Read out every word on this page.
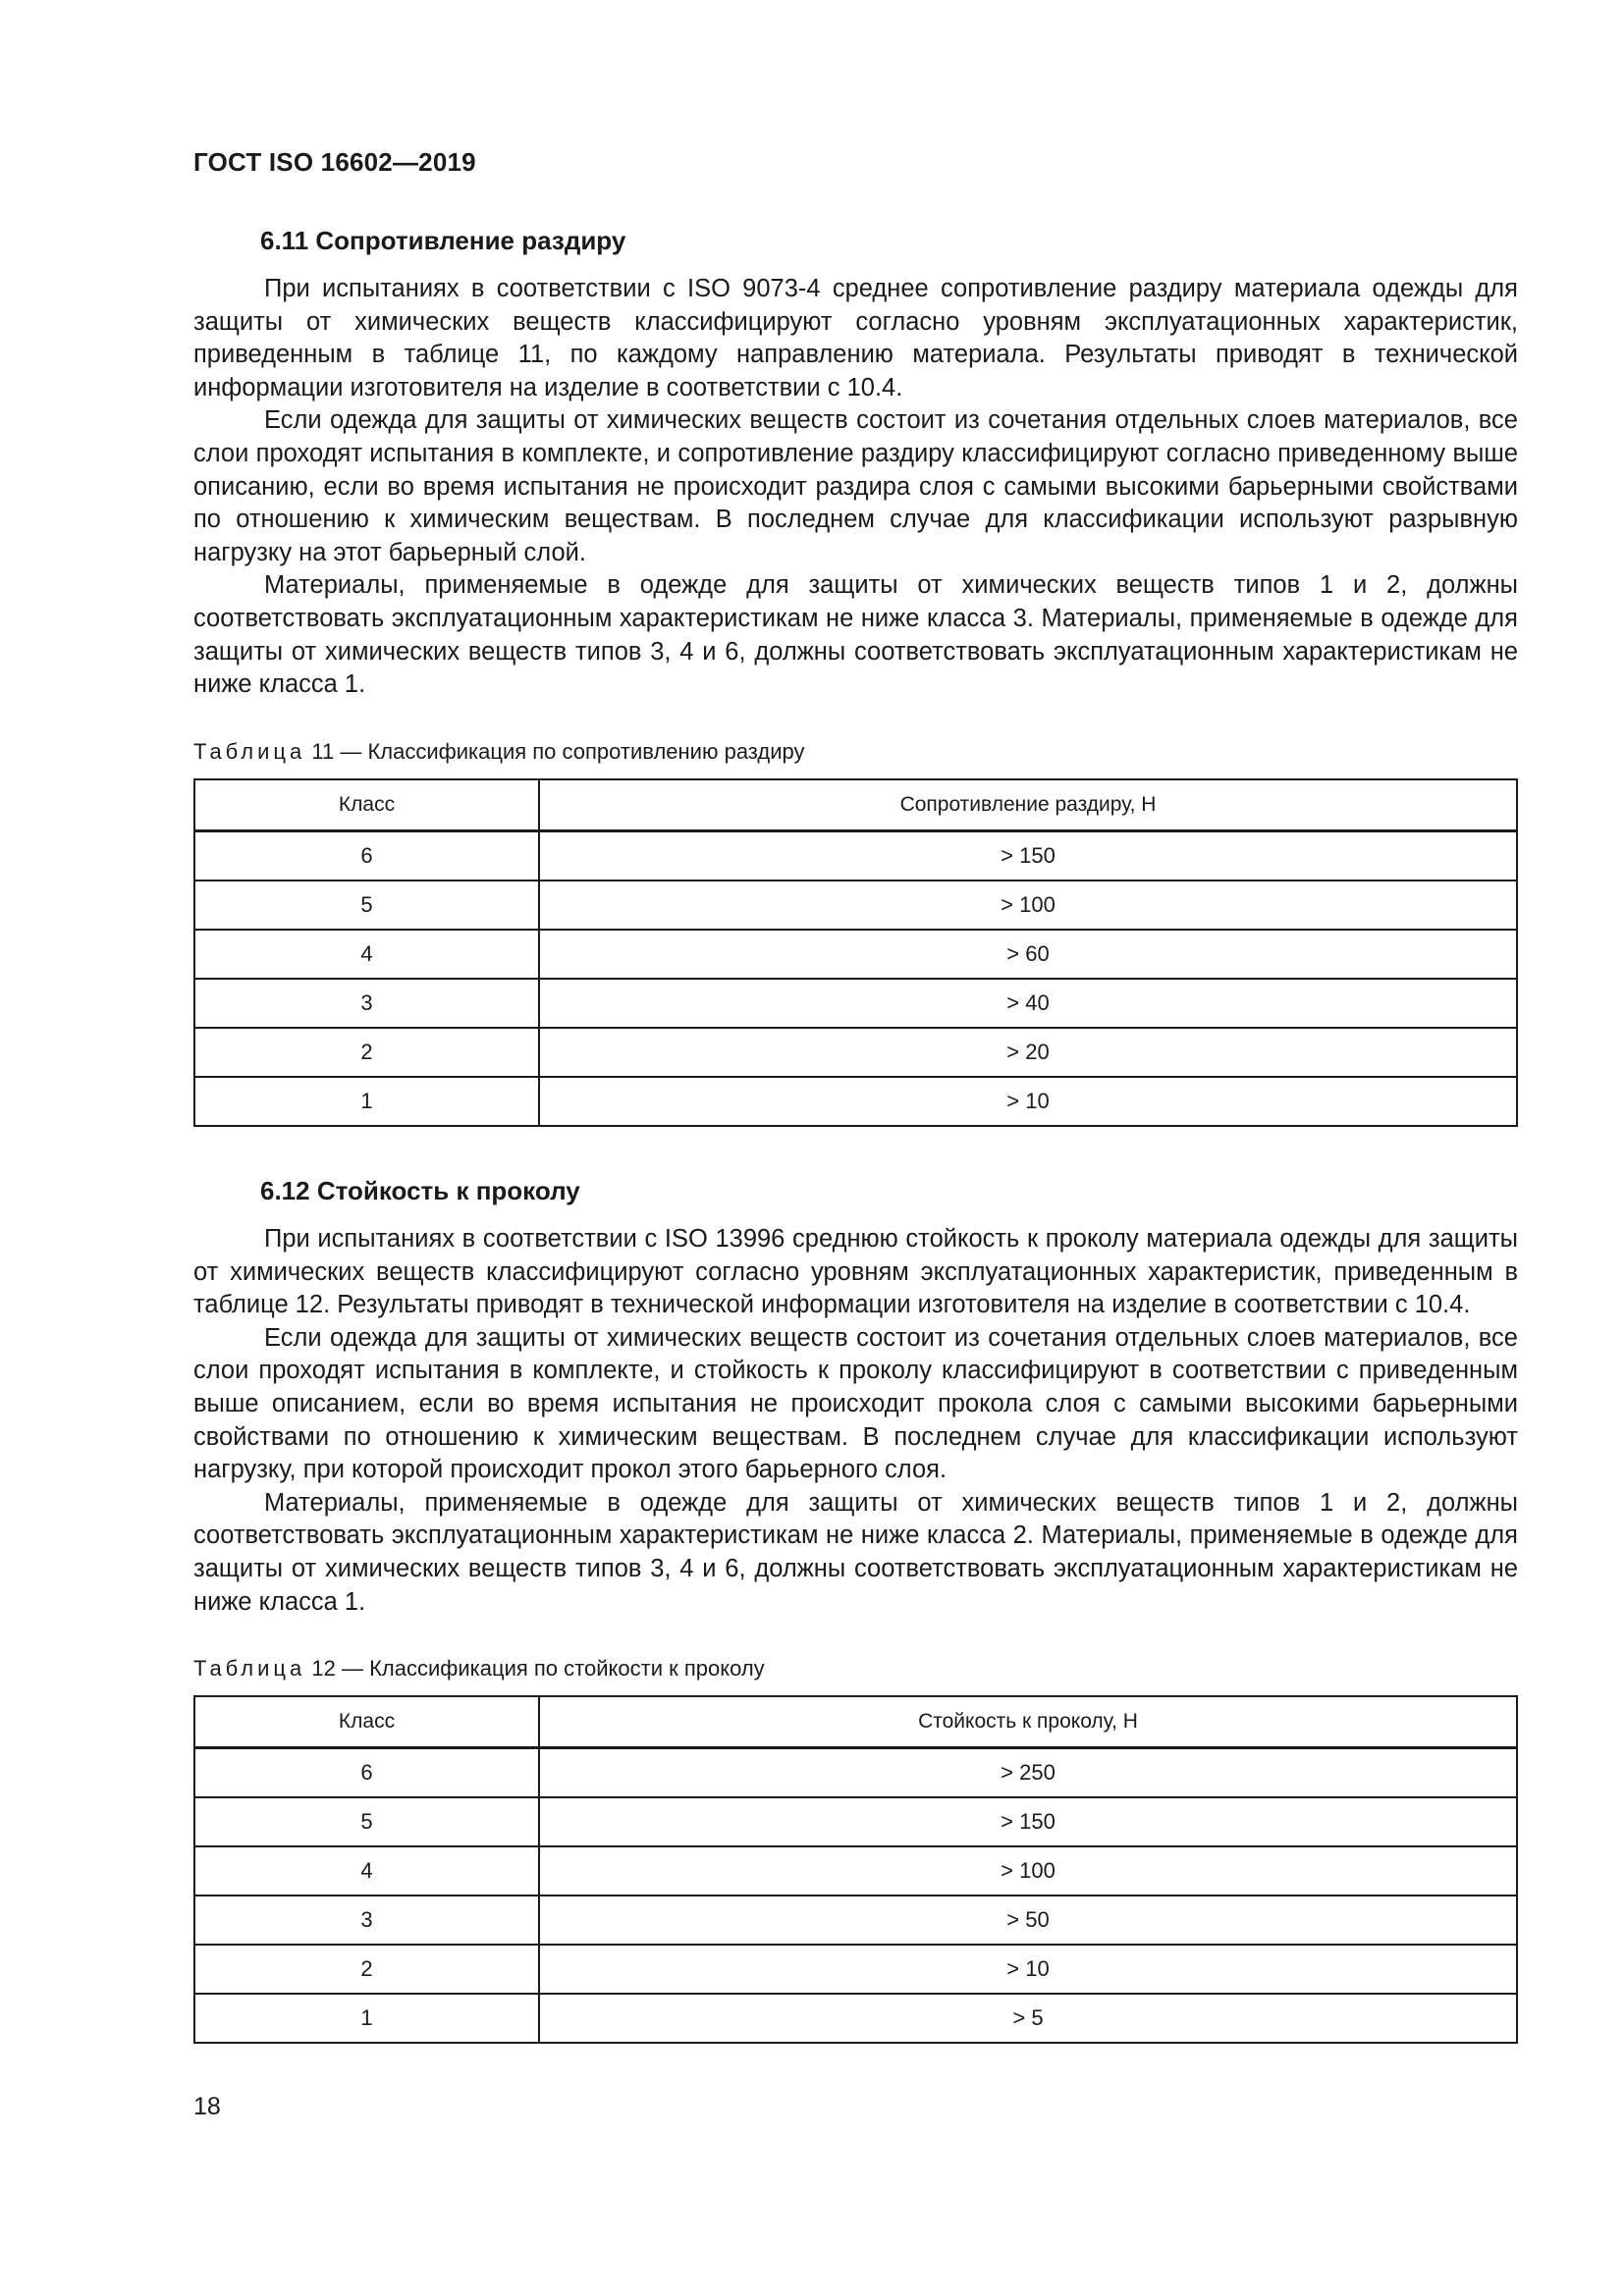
ГОСТ ISO 16602—2019
6.11 Сопротивление раздиру

При испытаниях в соответствии с ISO 9073-4 среднее сопротивление раздиру материала одежды для защиты от химических веществ классифицируют согласно уровням эксплуатационных характеристик, приведенным в таблице 11, по каждому направлению материала. Результаты приводят в технической информации изготовителя на изделие в соответствии с 10.4.

Если одежда для защиты от химических веществ состоит из сочетания отдельных слоев материалов, все слои проходят испытания в комплекте, и сопротивление раздиру классифицируют согласно приведенному выше описанию, если во время испытания не происходит раздира слоя с самыми высокими барьерными свойствами по отношению к химическим веществам. В последнем случае для классификации используют разрывную нагрузку на этот барьерный слой.

Материалы, применяемые в одежде для защиты от химических веществ типов 1 и 2, должны соответствовать эксплуатационным характеристикам не ниже класса 3. Материалы, применяемые в одежде для защиты от химических веществ типов 3, 4 и 6, должны соответствовать эксплуатационным характеристикам не ниже класса 1.

Таблица 11 — Классификация по сопротивлению раздиру
Класс	Сопротивление раздиру, Н
6	> 150
5	> 100
4	> 60
3	> 40
2	> 20
1	> 10
6.12 Стойкость к проколу

При испытаниях в соответствии с ISO 13996 среднюю стойкость к проколу материала одежды для защиты от химических веществ классифицируют согласно уровням эксплуатационных характеристик, приведенным в таблице 12. Результаты приводят в технической информации изготовителя на изделие в соответствии с 10.4.

Если одежда для защиты от химических веществ состоит из сочетания отдельных слоев материалов, все слои проходят испытания в комплекте, и стойкость к проколу классифицируют в соответствии с приведенным выше описанием, если во время испытания не происходит прокола слоя с самыми высокими барьерными свойствами по отношению к химическим веществам. В последнем случае для классификации используют нагрузку, при которой происходит прокол этого барьерного слоя.

Материалы, применяемые в одежде для защиты от химических веществ типов 1 и 2, должны соответствовать эксплуатационным характеристикам не ниже класса 2. Материалы, применяемые в одежде для защиты от химических веществ типов 3, 4 и 6, должны соответствовать эксплуатационным характеристикам не ниже класса 1.

Таблица 12 — Классификация по стойкости к проколу
Класс	Стойкость к проколу, Н
6	> 250
5	> 150
4	> 100
3	> 50
2	> 10
1	> 5
18
